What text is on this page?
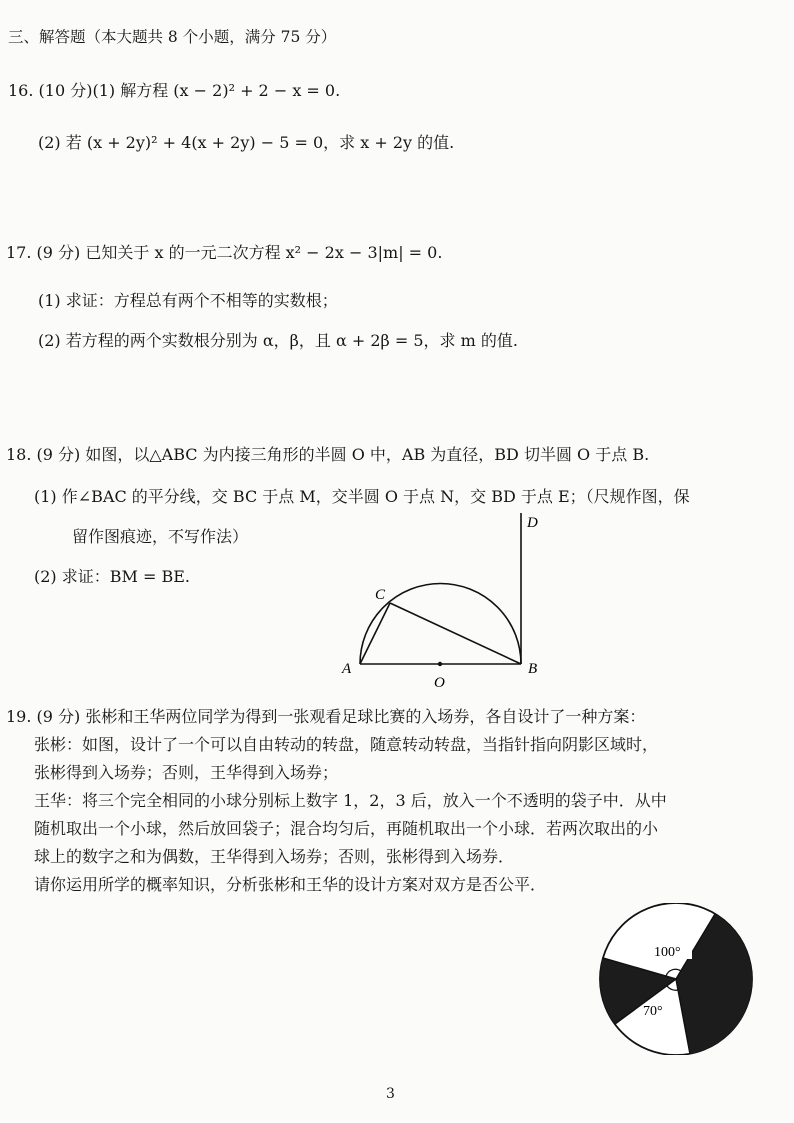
三、解答题（本大题共 8 个小题，满分 75 分）
16. (10 分)(1) 解方程 (x − 2)² + 2 − x = 0.
(2) 若 (x + 2y)² + 4(x + 2y) − 5 = 0，求 x + 2y 的值.
17. (9 分) 已知关于 x 的一元二次方程 x² − 2x − 3|m| = 0.
(1) 求证：方程总有两个不相等的实数根；
(2) 若方程的两个实数根分别为 α，β，且 α + 2β = 5，求 m 的值.
18. (9 分) 如图，以△ABC 为内接三角形的半圆 O 中，AB 为直径，BD 切半圆 O 于点 B.
(1) 作∠BAC 的平分线，交 BC 于点 M，交半圆 O 于点 N，交 BD 于点 E；（尺规作图，保
留作图痕迹，不写作法）
(2) 求证：BM = BE.
D
C
A	B
O
19. (9 分) 张彬和王华两位同学为得到一张观看足球比赛的入场券，各自设计了一种方案：
张彬：如图，设计了一个可以自由转动的转盘，随意转动转盘，当指针指向阴影区域时，
张彬得到入场券；否则，王华得到入场券；
王华：将三个完全相同的小球分别标上数字 1，2，3 后，放入一个不透明的袋子中．从中
随机取出一个小球，然后放回袋子；混合均匀后，再随机取出一个小球．若两次取出的小
球上的数字之和为偶数，王华得到入场券；否则，张彬得到入场券．
请你运用所学的概率知识，分析张彬和王华的设计方案对双方是否公平．
100°
70°
3
